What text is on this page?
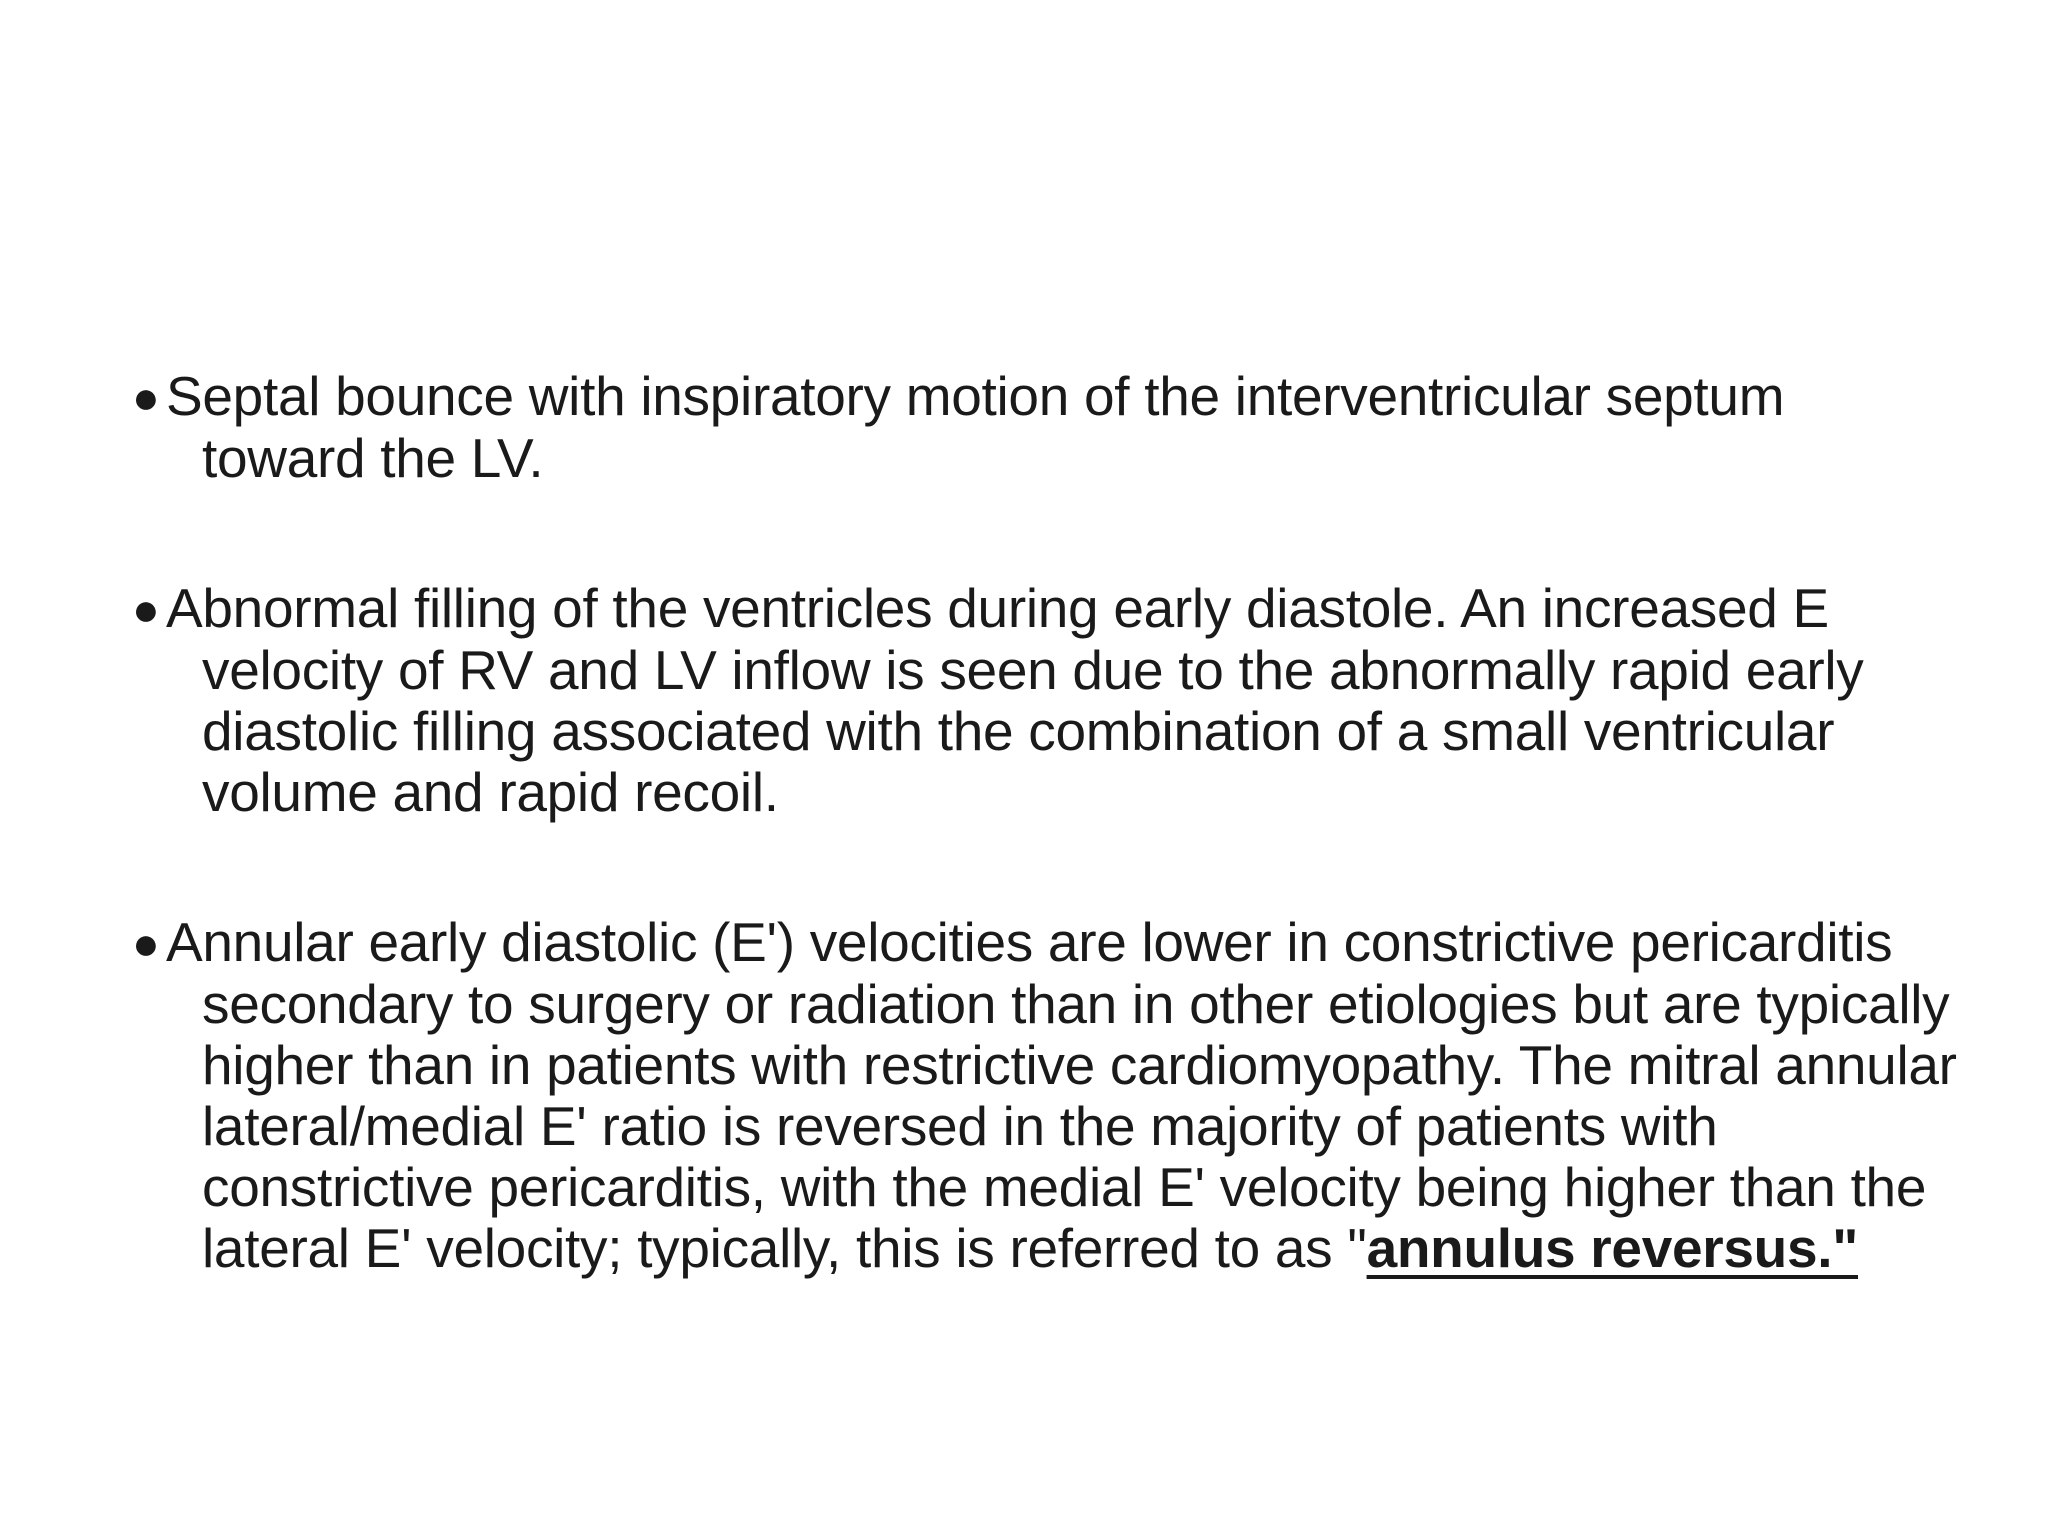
● Septal bounce with inspiratory motion of the interventricular septum toward the LV.

● Abnormal filling of the ventricles during early diastole. An increased E velocity of RV and LV inflow is seen due to the abnormally rapid early diastolic filling associated with the combination of a small ventricular volume and rapid recoil.

● Annular early diastolic (E') velocities are lower in constrictive pericarditis secondary to surgery or radiation than in other etiologies but are typically higher than in patients with restrictive cardiomyopathy. The mitral annular lateral/medial E' ratio is reversed in the majority of patients with constrictive pericarditis, with the medial E' velocity being higher than the lateral E' velocity; typically, this is referred to as "annulus reversus."
